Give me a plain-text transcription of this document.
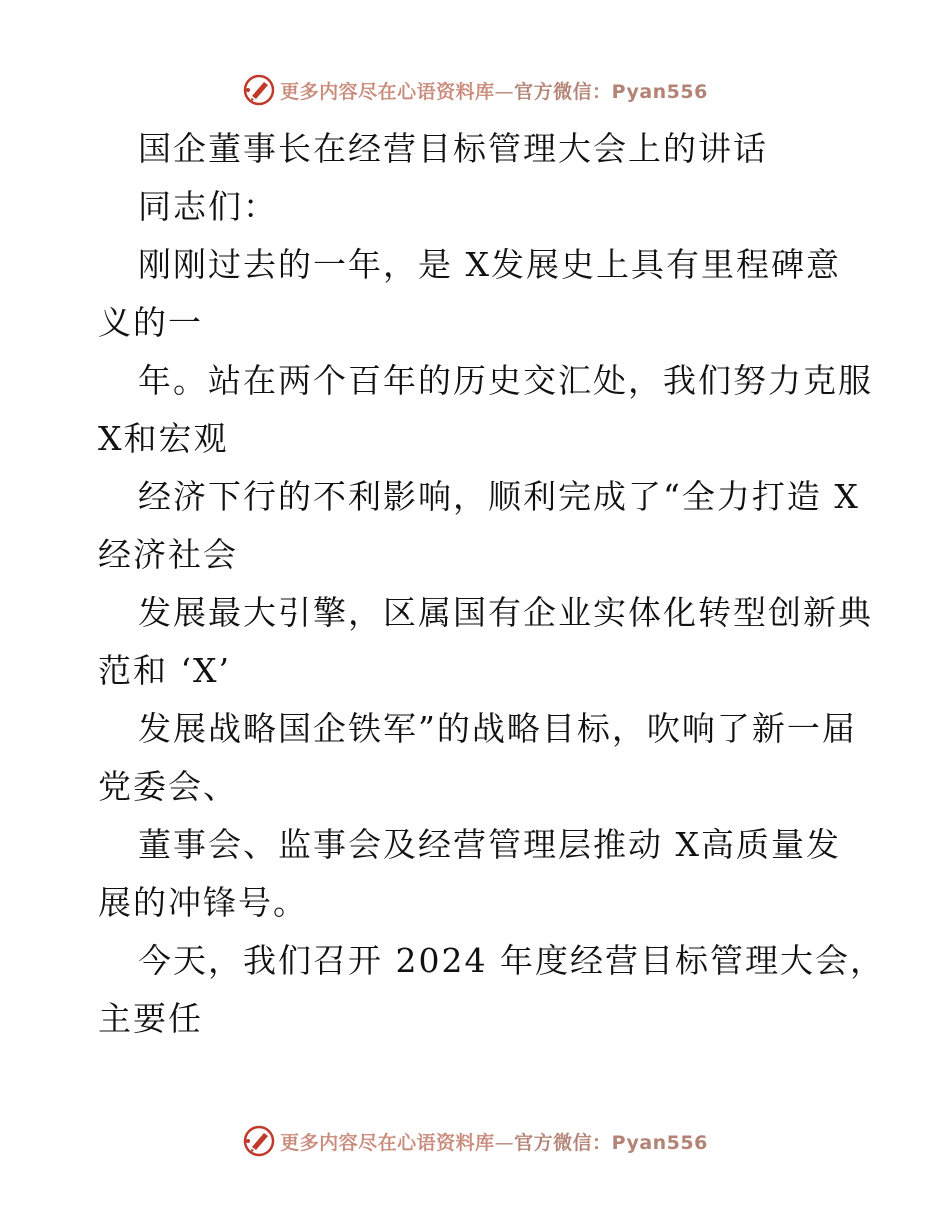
更多内容尽在心语资料库—官方微信：Pyan556
国企董事长在经营目标管理大会上的讲话
同志们：
刚刚过去的一年，是 X发展史上具有里程碑意
义的一
年。站在两个百年的历史交汇处，我们努力克服
X和宏观
经济下行的不利影响，顺利完成了“全力打造 X
经济社会
发展最大引擎，区属国有企业实体化转型创新典
范和 ‘X’
发展战略国企铁军”的战略目标，吹响了新一届
党委会、
董事会、监事会及经营管理层推动 X高质量发
展的冲锋号。
今天，我们召开 2024 年度经营目标管理大会，
主要任
更多内容尽在心语资料库—官方微信：Pyan556
